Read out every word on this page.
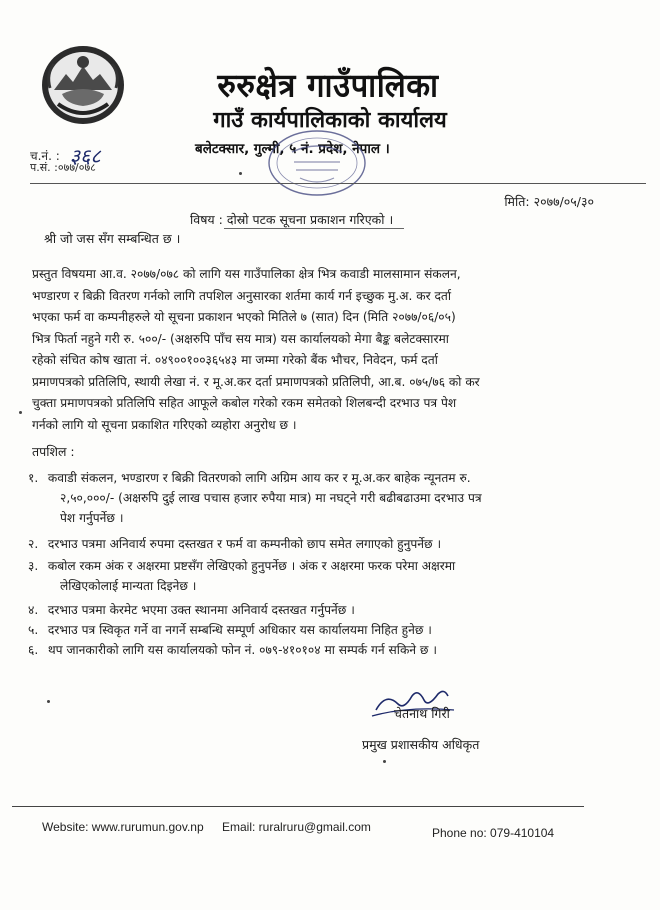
रुरुक्षेत्र गाउँपालिका
गाउँ कार्यपालिकाको कार्यालय
बलेटक्सार, गुल्मी, ५ नं. प्रदेश, नेपाल ।
च.नं. : ३६८
प.सं. :०७७/०७८
मिति: २०७७/०५/३०
विषय : दोस्रो पटक सूचना प्रकाशन गरिएको ।
श्री जो जस सँग सम्बन्धित छ ।
प्रस्तुत विषयमा आ.व. २०७७/०७८ को लागि यस गाउँपालिका क्षेत्र भित्र कवाडी मालसामान संकलन,
भण्डारण र बिक्री वितरण गर्नको लागि तपशिल अनुसारका शर्तमा कार्य गर्न इच्छुक मु.अ. कर दर्ता
भएका फर्म वा कम्पनीहरुले यो सूचना प्रकाशन भएको मितिले ७ (सात) दिन (मिति २०७७/०६/०५)
भित्र फिर्ता नहुने गरी रु. ५००/- (अक्षरुपि पाँच सय मात्र) यस कार्यालयको मेगा बैङ्क बलेटक्सारमा
रहेको संचित कोष खाता नं. ०४९००१००३६५४३ मा जम्मा गरेको बैंक भौचर, निवेदन, फर्म दर्ता
प्रमाणपत्रको प्रतिलिपि, स्थायी लेखा नं. र मू.अ.कर दर्ता प्रमाणपत्रको प्रतिलिपी, आ.ब. ०७५/७६ को कर
चुक्ता प्रमाणपत्रको प्रतिलिपि सहित आफूले कबोल गरेको रकम समेतको शिलबन्दी दरभाउ पत्र पेश
गर्नको लागि यो सूचना प्रकाशित गरिएको व्यहोरा अनुरोध छ ।
तपशिल :
१. कवाडी संकलन, भण्डारण र बिक्री वितरणको लागि अग्रिम आय कर र मू.अ.कर बाहेक न्यूनतम रु.
२,५०,०००/- (अक्षरुपि दुई लाख पचास हजार रुपैया मात्र) मा नघट्ने गरी बढीबढाउमा दरभाउ पत्र
पेश गर्नुपर्नेछ ।
२. दरभाउ पत्रमा अनिवार्य रुपमा दस्तखत र फर्म वा कम्पनीको छाप समेत लगाएको हुनुपर्नेछ ।
३. कबोल रकम अंक र अक्षरमा प्रष्टसँग लेखिएको हुनुपर्नेछ । अंक र अक्षरमा फरक परेमा अक्षरमा
लेखिएकोलाई मान्यता दिइनेछ ।
४. दरभाउ पत्रमा केरमेट भएमा उक्त स्थानमा अनिवार्य दस्तखत गर्नुपर्नेछ ।
५. दरभाउ पत्र स्विकृत गर्ने वा नगर्ने सम्बन्धि सम्पूर्ण अधिकार यस कार्यालयमा निहित हुनेछ ।
६. थप जानकारीको लागि यस कार्यालयको फोन नं. ०७९-४१०१०४ मा सम्पर्क गर्न सकिने छ ।
चेतनाथ गिरी
प्रमुख प्रशासकीय अधिकृत
Website: www.rurumun.gov.np Email: ruralruru@gmail.com	Phone no: 079-410104
